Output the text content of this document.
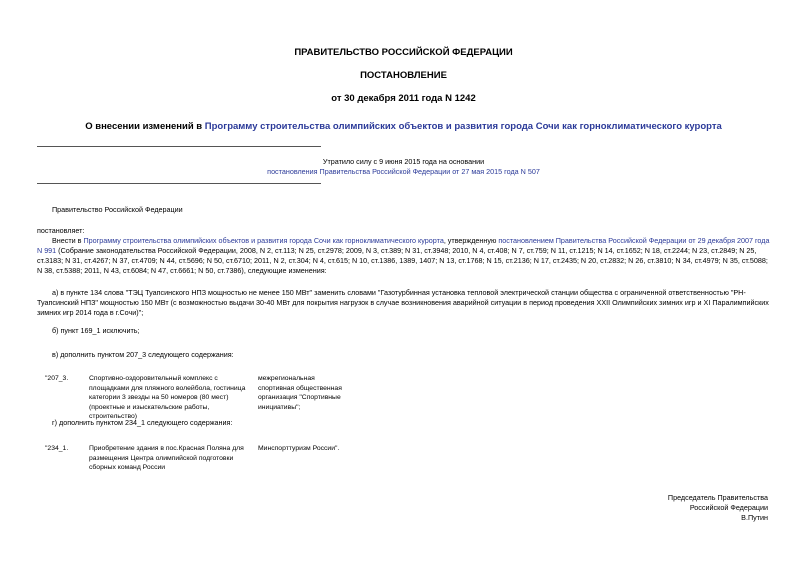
ПРАВИТЕЛЬСТВО РОССИЙСКОЙ ФЕДЕРАЦИИ
ПОСТАНОВЛЕНИЕ
от 30 декабря 2011 года N 1242
О внесении изменений в Программу строительства олимпийских объектов и развития города Сочи как горноклиматического курорта
Утратило силу с 9 июня 2015 года на основании
постановления Правительства Российской Федерации от 27 мая 2015 года N 507
Правительство Российской Федерации
постановляет:
Внести в Программу строительства олимпийских объектов и развития города Сочи как горноклиматического курорта, утвержденную постановлением Правительства Российской Федерации от 29 декабря 2007 года N 991 (Собрание законодательства Российской Федерации, 2008, N 2, ст.113; N 25, ст.2978; 2009, N 3, ст.389; N 31, ст.3948; 2010, N 4, ст.408; N 7, ст.759; N 11, ст.1215; N 14, ст.1652; N 18, ст.2244; N 23, ст.2849; N 25, ст.3183; N 31, ст.4267; N 37, ст.4709; N 44, ст.5696; N 50, ст.6710; 2011, N 2, ст.304; N 4, ст.615; N 10, ст.1386, 1389, 1407; N 13, ст.1768; N 15, ст.2136; N 17, ст.2435; N 20, ст.2832; N 26, ст.3810; N 34, ст.4979; N 35, ст.5088; N 38, ст.5388; 2011, N 43, ст.6084; N 47, ст.6661; N 50, ст.7386), следующие изменения:
а) в пункте 134 слова "ТЭЦ Туапсинского НПЗ мощностью не менее 150 МВт" заменить словами "Газотурбинная установка тепловой электрической станции общества с ограниченной ответственностью "РН-Туапсинский НПЗ" мощностью 150 МВт (с возможностью выдачи 30-40 МВт для покрытия нагрузок в случае возникновения аварийной ситуации в период проведения XXII Олимпийских зимних игр и XI Паралимпийских зимних игр 2014 года в г.Сочи)";
б) пункт 169_1 исключить;
в) дополнить пунктом 207_3 следующего содержания:
"207_3.	Спортивно-оздоровительный комплекс с площадками для пляжного волейбола, гостиница категории 3 звезды на 50 номеров (80 мест) (проектные и изыскательские работы, строительство)
межрегиональная спортивная общественная организация "Спортивные инициативы";
г) дополнить пунктом 234_1 следующего содержания:
"234_1.	Приобретение здания в пос.Красная Поляна для размещения Центра олимпийской подготовки сборных команд России
Минспорттуризм России".
Председатель Правительства
Российской Федерации
В.Путин
